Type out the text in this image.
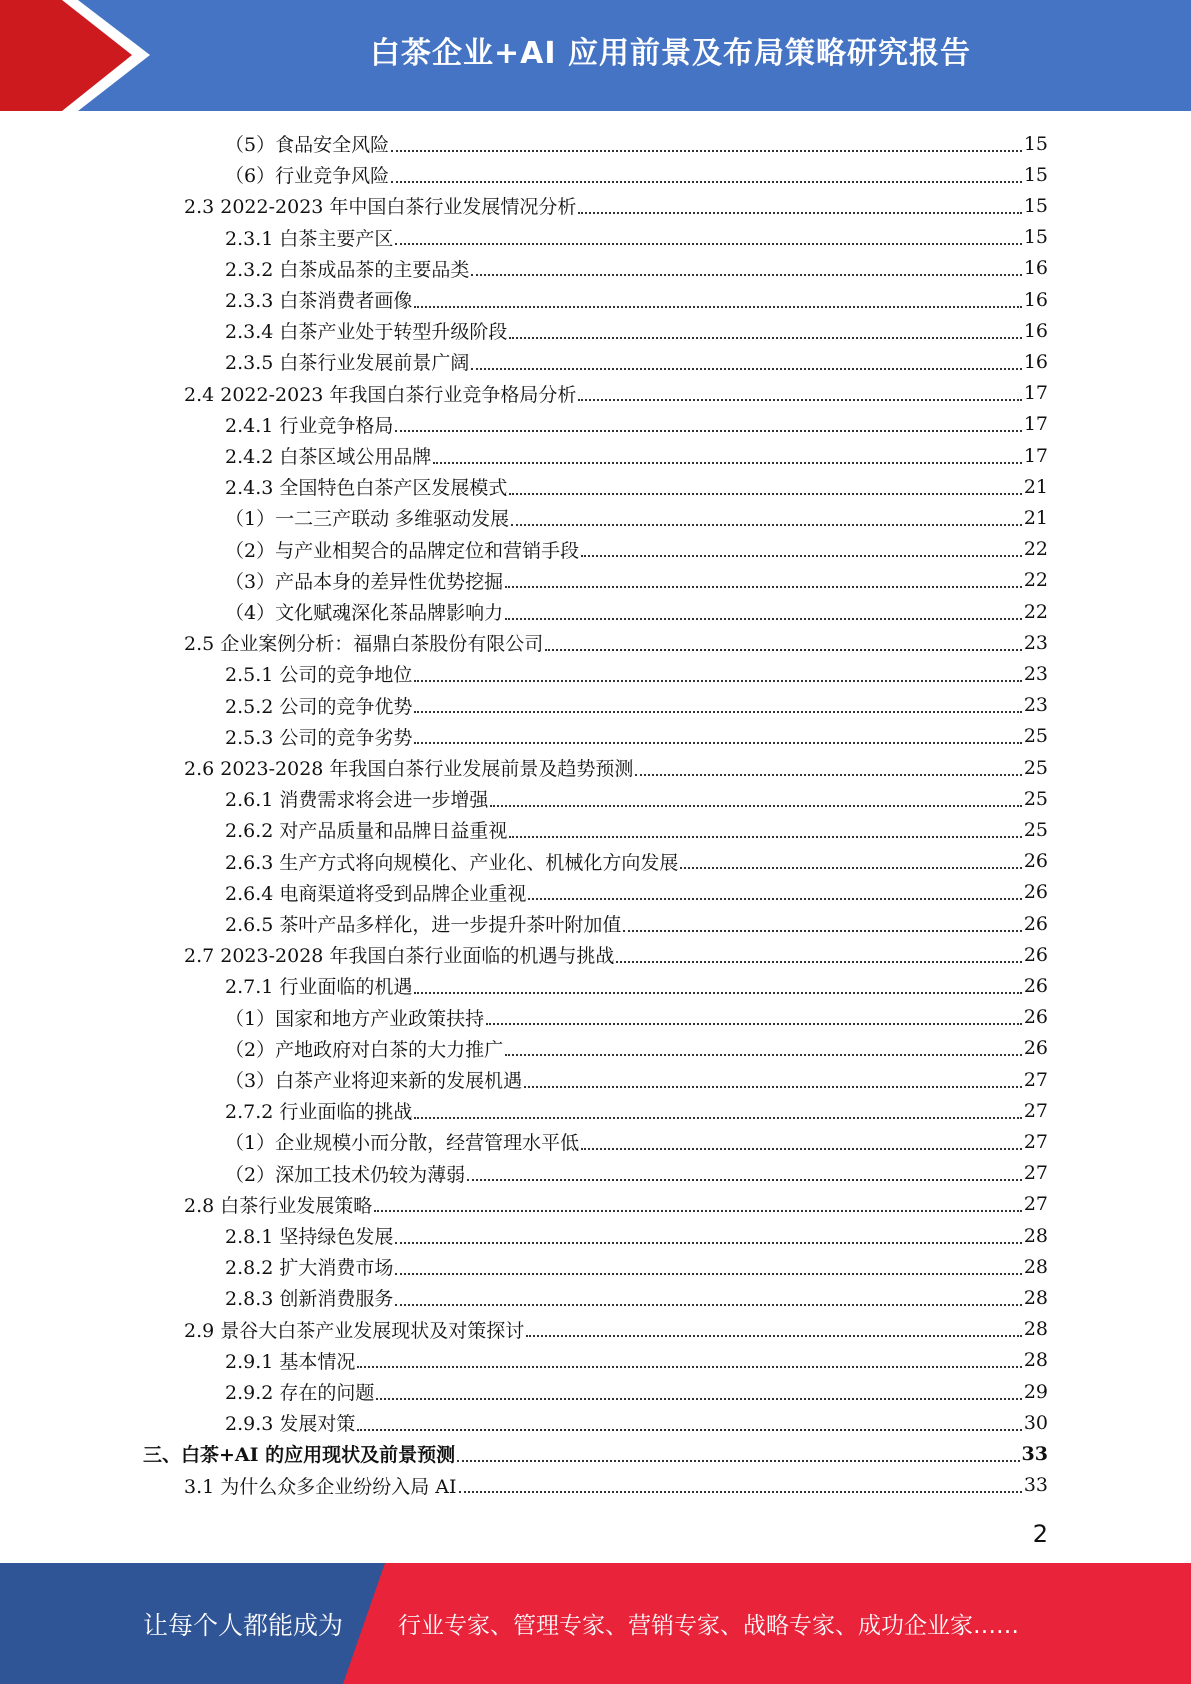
白茶企业+AI 应用前景及布局策略研究报告
（5）食品安全风险	15
（6）行业竞争风险	15
2.3 2022-2023 年中国白茶行业发展情况分析	15
2.3.1 白茶主要产区	15
2.3.2 白茶成品茶的主要品类	16
2.3.3 白茶消费者画像	16
2.3.4 白茶产业处于转型升级阶段	16
2.3.5 白茶行业发展前景广阔	16
2.4 2022-2023 年我国白茶行业竞争格局分析	17
2.4.1 行业竞争格局	17
2.4.2 白茶区域公用品牌	17
2.4.3 全国特色白茶产区发展模式	21
（1）一二三产联动 多维驱动发展	21
（2）与产业相契合的品牌定位和营销手段	22
（3）产品本身的差异性优势挖掘	22
（4）文化赋魂深化茶品牌影响力	22
2.5 企业案例分析：福鼎白茶股份有限公司	23
2.5.1 公司的竞争地位	23
2.5.2 公司的竞争优势	23
2.5.3 公司的竞争劣势	25
2.6 2023-2028 年我国白茶行业发展前景及趋势预测	25
2.6.1 消费需求将会进一步增强	25
2.6.2 对产品质量和品牌日益重视	25
2.6.3 生产方式将向规模化、产业化、机械化方向发展	26
2.6.4 电商渠道将受到品牌企业重视	26
2.6.5 茶叶产品多样化，进一步提升茶叶附加值	26
2.7 2023-2028 年我国白茶行业面临的机遇与挑战	26
2.7.1 行业面临的机遇	26
（1）国家和地方产业政策扶持	26
（2）产地政府对白茶的大力推广	26
（3）白茶产业将迎来新的发展机遇	27
2.7.2 行业面临的挑战	27
（1）企业规模小而分散，经营管理水平低	27
（2）深加工技术仍较为薄弱	27
2.8 白茶行业发展策略	27
2.8.1 坚持绿色发展	28
2.8.2 扩大消费市场	28
2.8.3 创新消费服务	28
2.9 景谷大白茶产业发展现状及对策探讨	28
2.9.1 基本情况	28
2.9.2 存在的问题	29
2.9.3 发展对策	30
三、白茶+AI 的应用现状及前景预测	33
3.1 为什么众多企业纷纷入局 AI	33
2
让每个人都能成为 行业专家、管理专家、营销专家、战略专家、成功企业家……
